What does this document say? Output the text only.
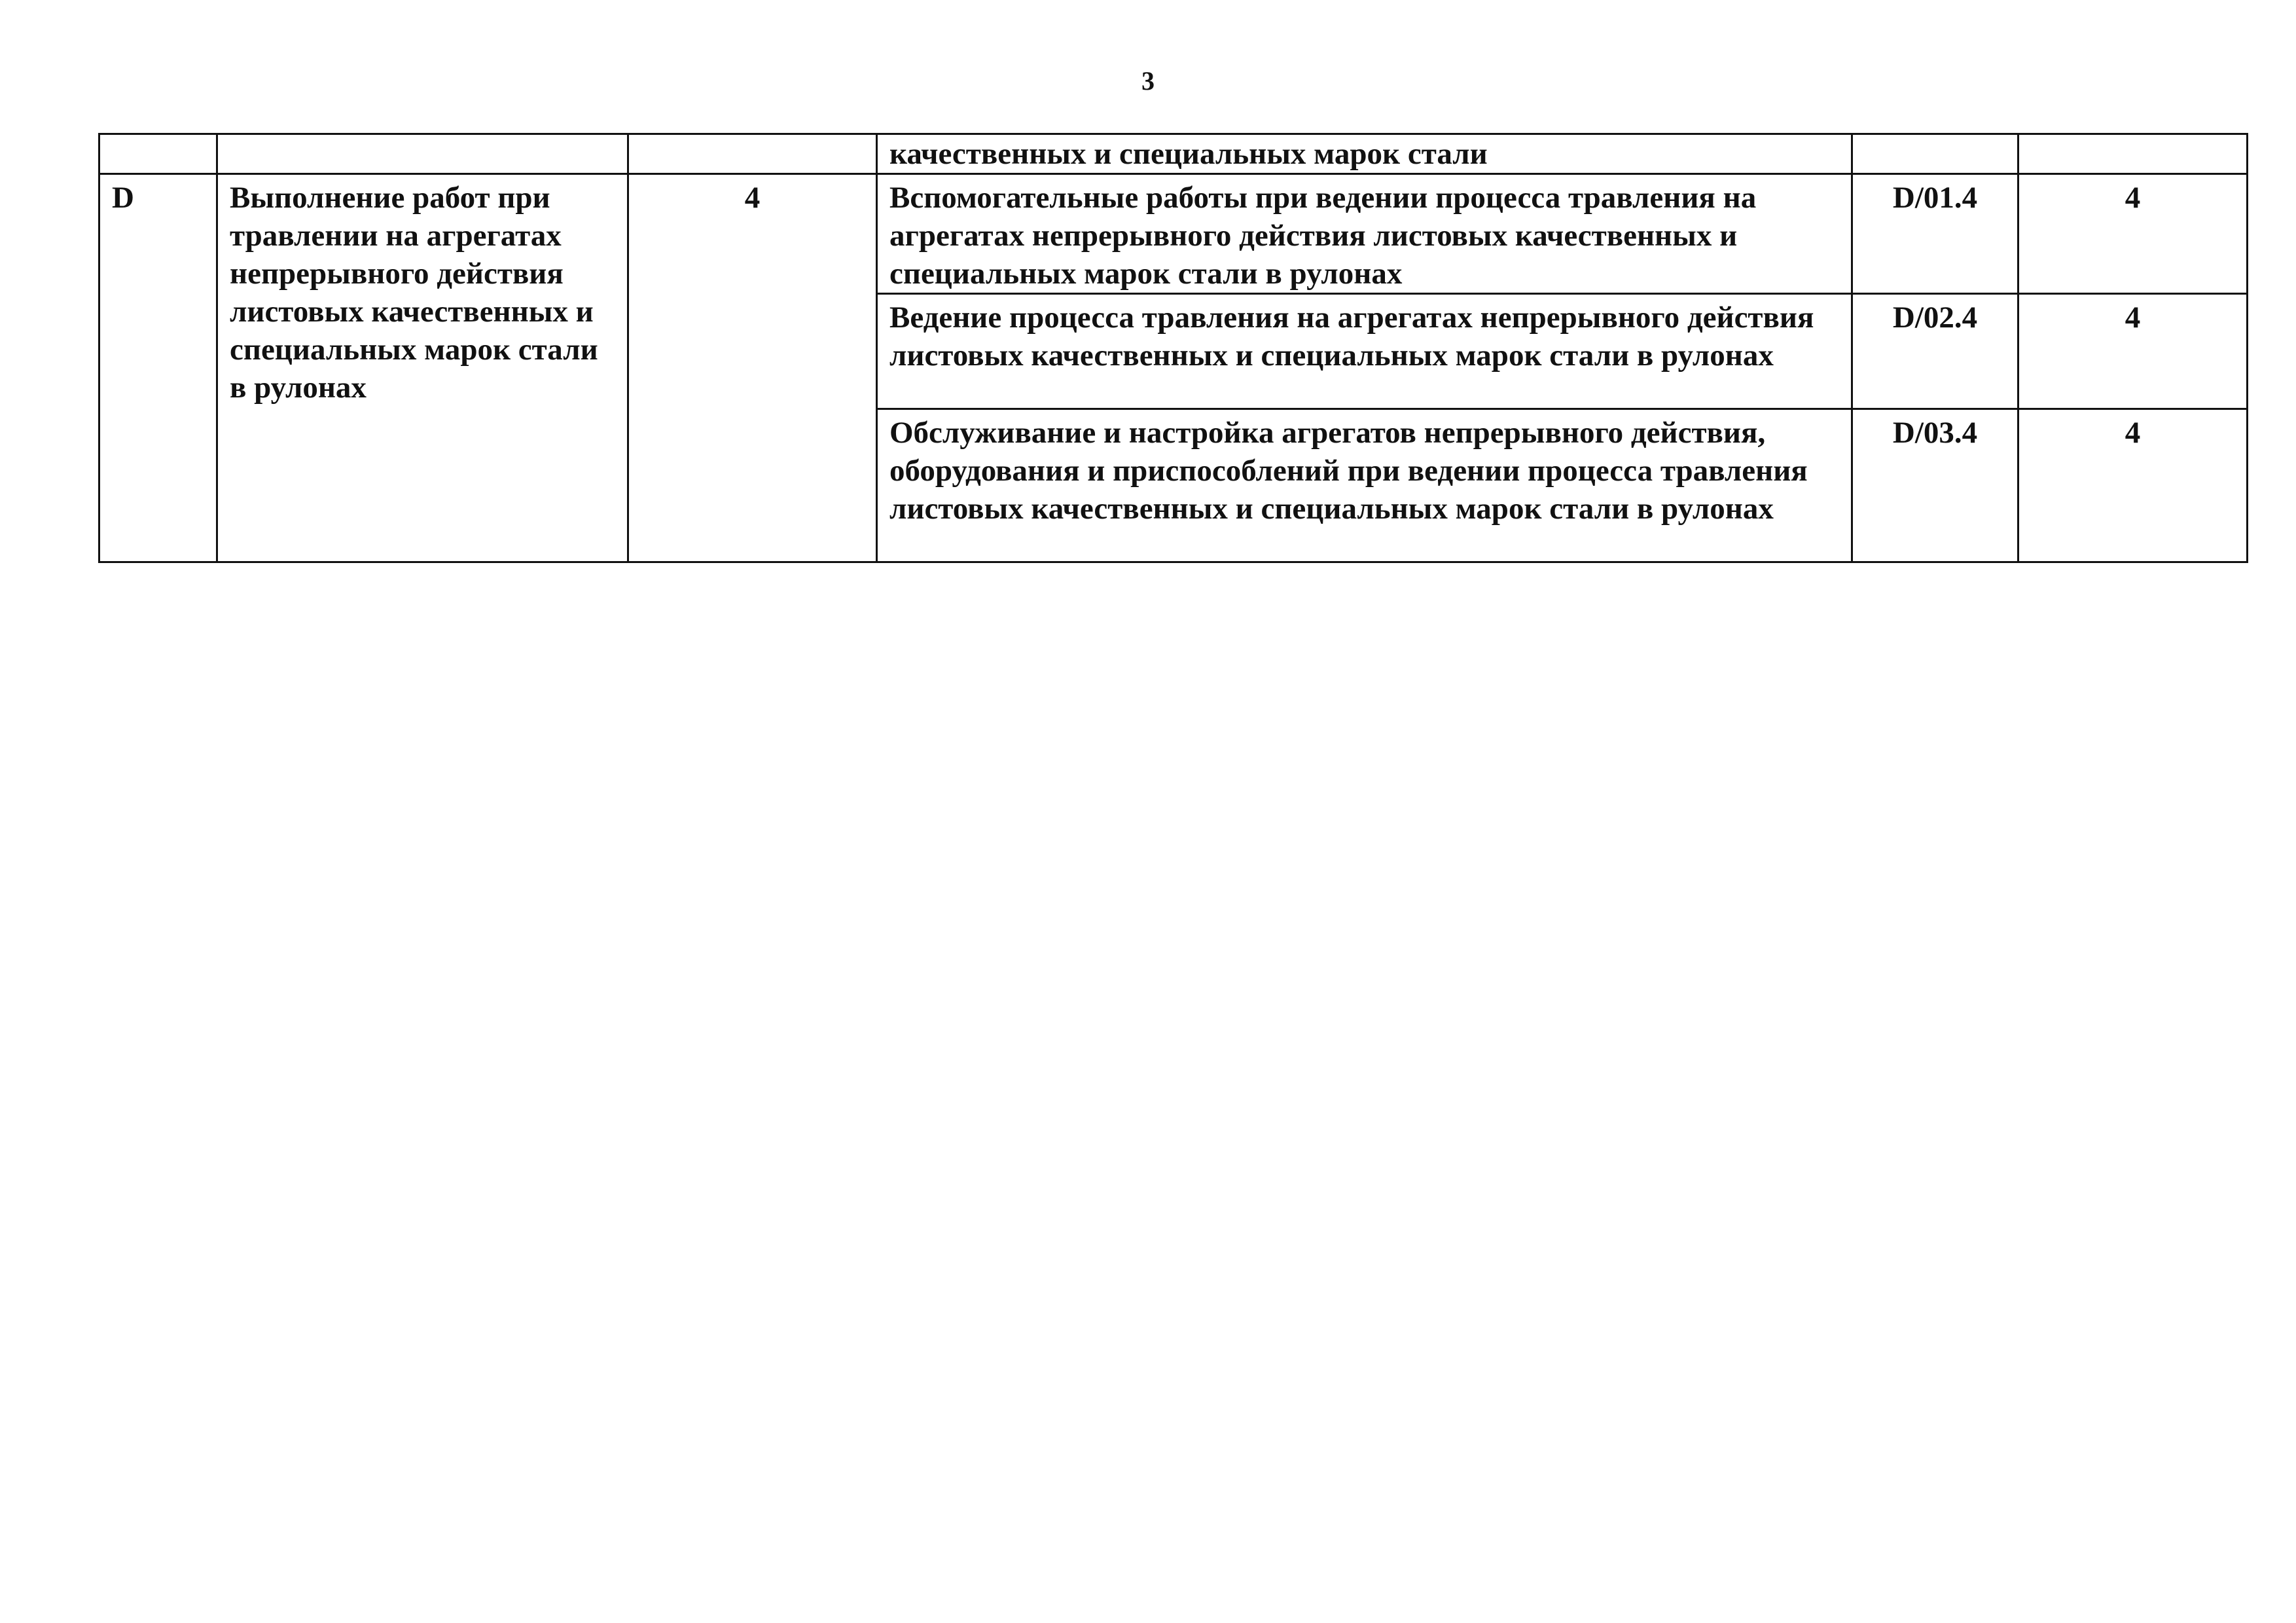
3
			качественных и специальных марок стали		
D	Выполнение работ при травлении на агрегатах непрерывного действия листовых качественных и специальных марок стали в рулонах	4	Вспомогательные работы при ведении процесса травления на агрегатах непрерывного действия листовых качественных и специальных марок стали в рулонах	D/01.4	4
			Ведение процесса травления на агрегатах непрерывного действия листовых качественных и специальных марок стали в рулонах	D/02.4	4
			Обслуживание и настройка агрегатов непрерывного действия, оборудования и приспособлений при ведении процесса травления листовых качественных и специальных марок стали в рулонах	D/03.4	4
